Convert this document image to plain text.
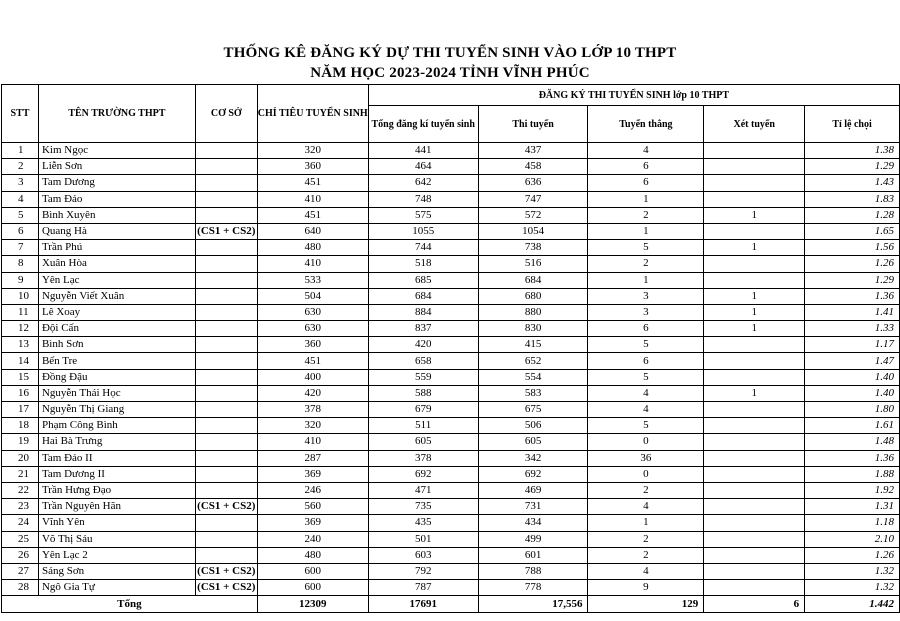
THỐNG KÊ ĐĂNG KÝ DỰ THI TUYỂN SINH VÀO LỚP 10 THPT
NĂM HỌC 2023-2024 TỈNH VĨNH PHÚC
STT	TÊN TRƯỜNG THPT	CƠ SỞ	CHỈ TIÊU TUYỂN SINH	ĐĂNG KÝ THI TUYỂN SINH lớp 10 THPT				
				Tổng đăng kí tuyển sinh	Thi tuyển	Tuyển thẳng	Xét tuyển	Tỉ lệ chọi
1	Kim Ngọc		320	441	437	4		1.38
2	Liễn Sơn		360	464	458	6		1.29
3	Tam Dương		451	642	636	6		1.43
4	Tam Đảo		410	748	747	1		1.83
5	Bình Xuyên		451	575	572	2	1	1.28
6	Quang Hà	(CS1 + CS2)	640	1055	1054	1		1.65
7	Trần Phú		480	744	738	5	1	1.56
8	Xuân Hòa		410	518	516	2		1.26
9	Yên Lạc		533	685	684	1		1.29
10	Nguyễn Viết Xuân		504	684	680	3	1	1.36
11	Lê Xoay		630	884	880	3	1	1.41
12	Đội Cấn		630	837	830	6	1	1.33
13	Bình Sơn		360	420	415	5		1.17
14	Bến Tre		451	658	652	6		1.47
15	Đồng Đậu		400	559	554	5		1.40
16	Nguyễn Thái Học		420	588	583	4	1	1.40
17	Nguyễn Thị Giang		378	679	675	4		1.80
18	Phạm Công Bình		320	511	506	5		1.61
19	Hai Bà Trưng		410	605	605	0		1.48
20	Tam Đảo II		287	378	342	36		1.36
21	Tam Dương II		369	692	692	0		1.88
22	Trần Hưng Đạo		246	471	469	2		1.92
23	Trần Nguyên Hãn	(CS1 + CS2)	560	735	731	4		1.31
24	Vĩnh Yên		369	435	434	1		1.18
25	Võ Thị Sáu		240	501	499	2		2.10
26	Yên Lạc 2		480	603	601	2		1.26
27	Sáng Sơn	(CS1 + CS2)	600	792	788	4		1.32
28	Ngô Gia Tự	(CS1 + CS2)	600	787	778	9		1.32
Tổng			12309	17691	17,556	129	6	1.442
